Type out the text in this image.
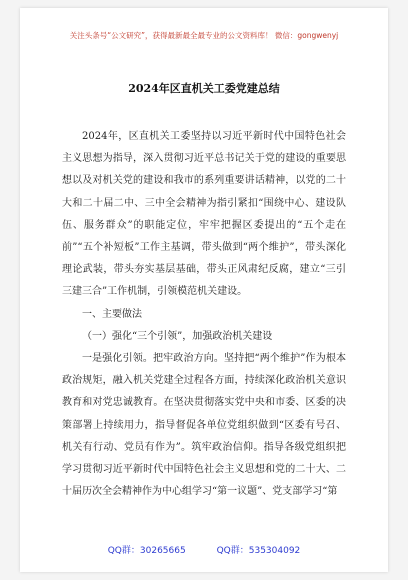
关注头条号“公文研究”，获得最新最全最专业的公文资料库！ 微信：gongwenyj
2024年区直机关工委党建总结

2024年，区直机关工委坚持以习近平新时代中国特色社会主义思想为指导，深入贯彻习近平总书记关于党的建设的重要思想以及对机关党的建设和我市的系列重要讲话精神，以党的二十大和二十届二中、三中全会精神为指引紧扣“围绕中心、建设队伍、服务群众”的职能定位，牢牢把握区委提出的“五个走在前”“五个补短板”工作主基调，带头做到“两个维护”，带头深化理论武装，带头夯实基层基础，带头正风肃纪反腐，建立“三引三建三合”工作机制，引领模范机关建设。

一、主要做法

（一）强化“三个引领”，加强政治机关建设

一是强化引领。把牢政治方向。坚持把“两个维护”作为根本政治规矩，融入机关党建全过程各方面，持续深化政治机关意识教育和对党忠诚教育。在坚决贯彻落实党中央和市委、区委的决策部署上持续用力，指导督促各单位党组织做到“区委有号召、机关有行动、党员有作为”。筑牢政治信仰。指导各级党组织把学习贯彻习近平新时代中国特色社会主义思想和党的二十大、二十届历次全会精神作为中心组学习“第一议题”、党支部学习“第

QQ群：30265665	QQ群：535304092
